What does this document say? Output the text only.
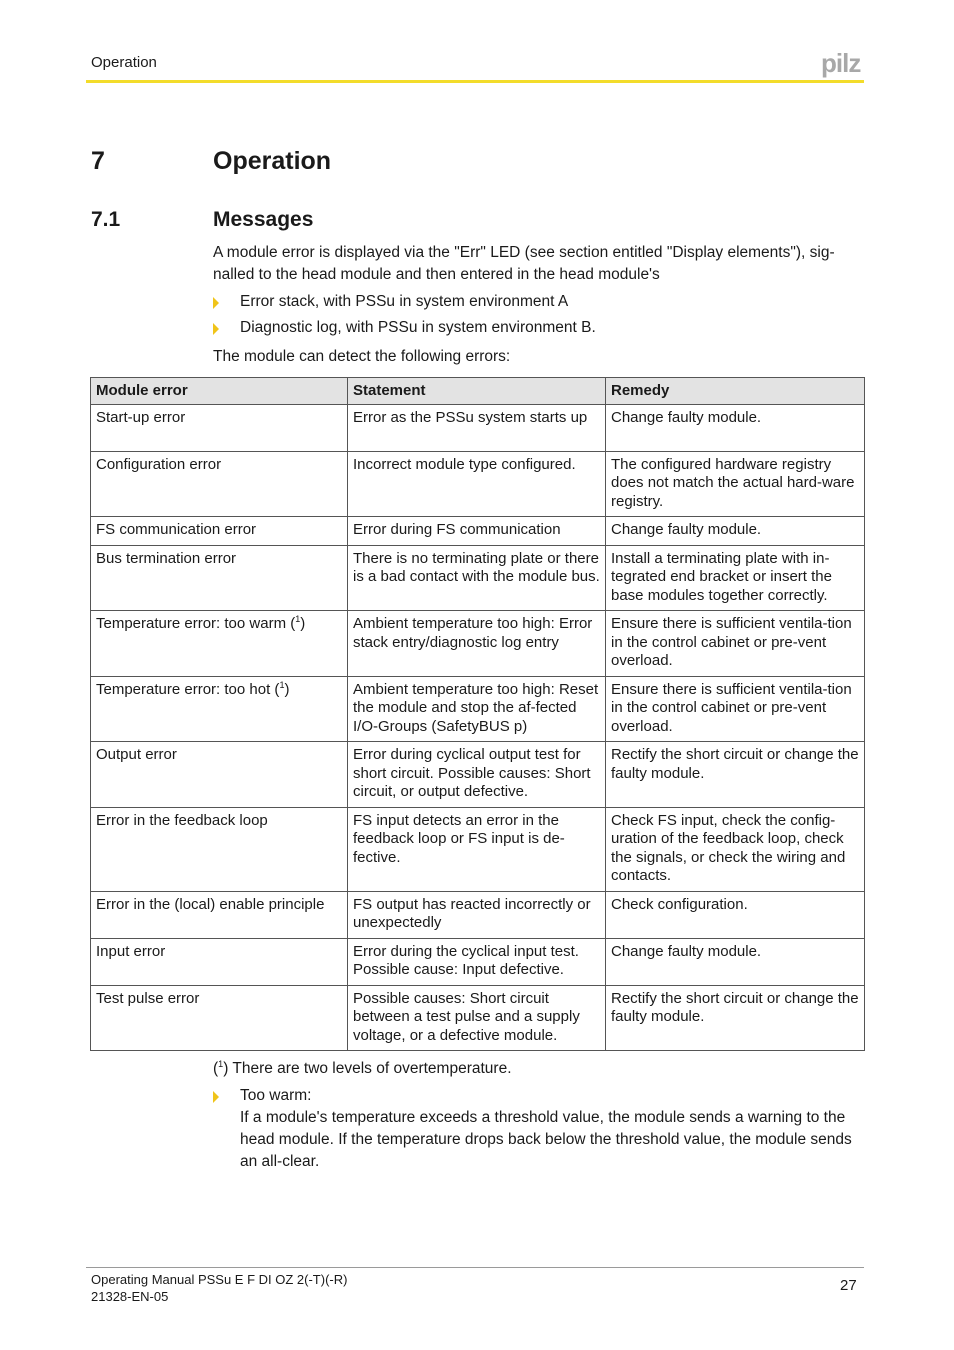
Operation	pilz
7	Operation
7.1	Messages
A module error is displayed via the "Err" LED (see section entitled "Display elements"), sig-
nalled to the head module and then entered in the head module's
Error stack, with PSSu in system environment A
Diagnostic log, with PSSu in system environment B.
The module can detect the following errors:
Module error	Statement	Remedy
Start-up error	Error as the PSSu system starts up	Change faulty module.
Configuration error	Incorrect module type configured.	The configured hardware registry does not match the actual hard-ware registry.
FS communication error	Error during FS communication	Change faulty module.
Bus termination error	There is no terminating plate or there is a bad contact with the module bus.	Install a terminating plate with in-tegrated end bracket or insert the base modules together correctly.
Temperature error: too warm ($^1$)	Ambient temperature too high: Error stack entry/diagnostic log entry	Ensure there is sufficient ventila-tion in the control cabinet or pre-vent overload.
Temperature error: too hot ($^1$)	Ambient temperature too high: Reset the module and stop the af-fected I/O-Groups (SafetyBUS p)	Ensure there is sufficient ventila-tion in the control cabinet or pre-vent overload.
Output error	Error during cyclical output test for short circuit. Possible causes: Short circuit, or output defective.	Rectify the short circuit or change the faulty module.
Error in the feedback loop	FS input detects an error in the feedback loop or FS input is de-fective.	Check FS input, check the config-uration of the feedback loop, check the signals, or check the wiring and contacts.
Error in the (local) enable principle	FS output has reacted incorrectly or unexpectedly	Check configuration.
Input error	Error during the cyclical input test. Possible cause: Input defective.	Change faulty module.
Test pulse error	Possible causes: Short circuit between a test pulse and a supply voltage, or a defective module.	Rectify the short circuit or change the faulty module.
($^1$) There are two levels of overtemperature.
Too warm:
If a module's temperature exceeds a threshold value, the module sends a warning to the head module. If the temperature drops back below the threshold value, the module sends an all-clear.
Operating Manual PSSu E F DI OZ 2(-T)(-R)
21328-EN-05
27
